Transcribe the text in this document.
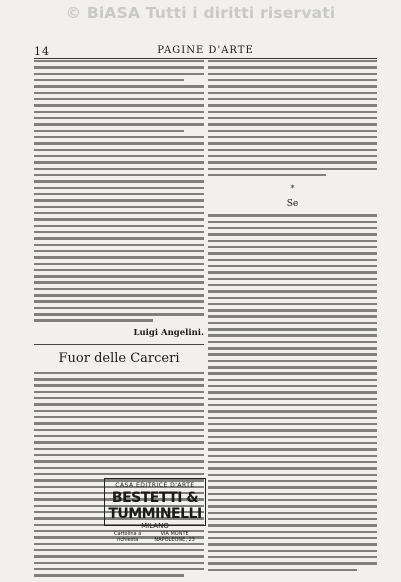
© BiASA Tutti i diritti riservati
14	PAGINE D'ARTE
Luigi Angelini.
Fuor delle Carceri
*
Se
CASA EDITRICE D'ARTE
BESTETTI & TUMMINELLI
MILANO
Cartolina a richiesta
VIA MONTE NAPOLEONE, 23
